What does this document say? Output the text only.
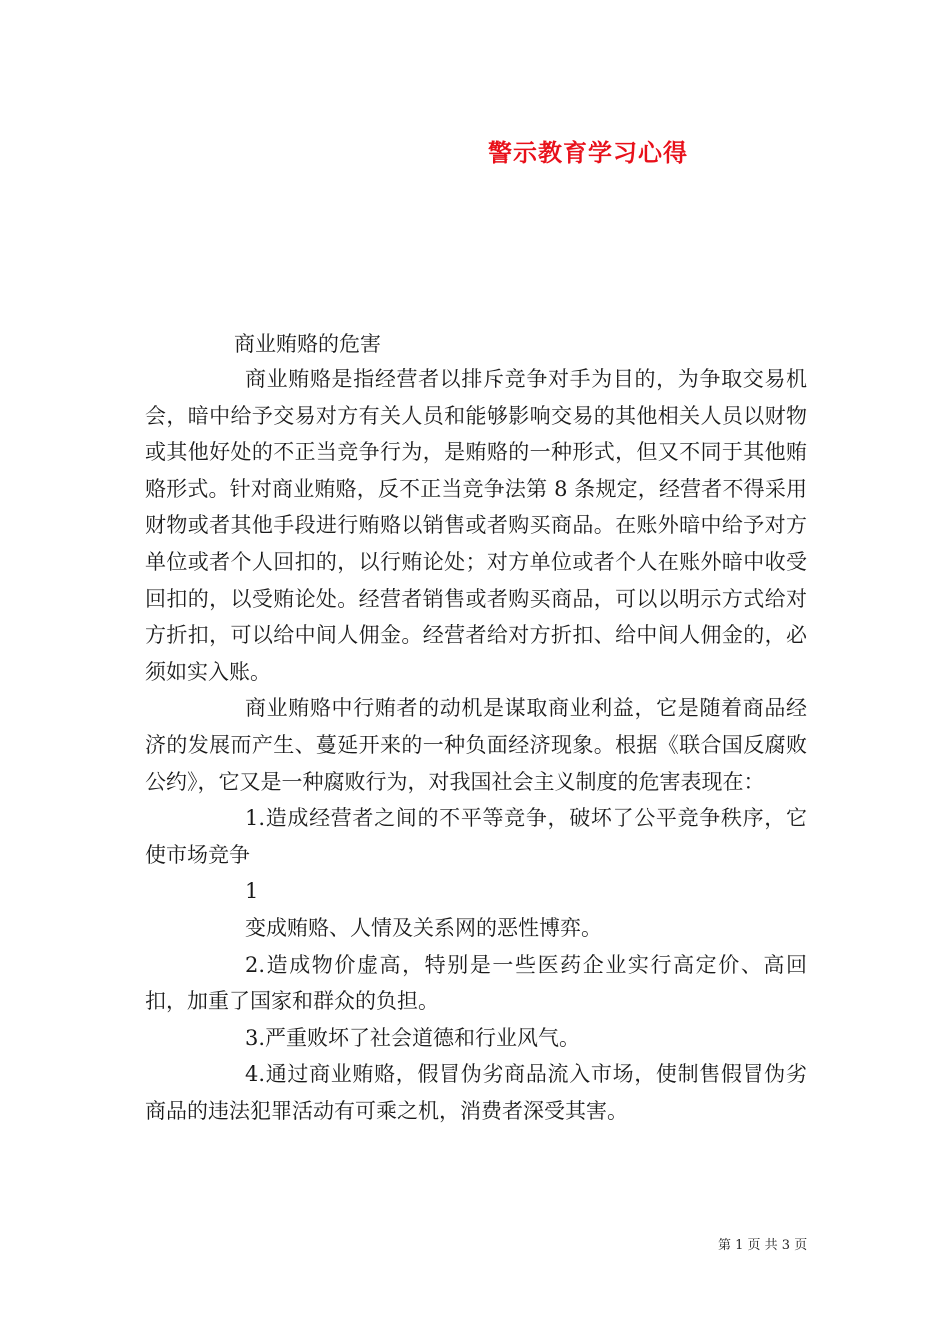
警示教育学习心得
商业贿赂的危害

商业贿赂是指经营者以排斥竞争对手为目的，为争取交易机会，暗中给予交易对方有关人员和能够影响交易的其他相关人员以财物或其他好处的不正当竞争行为，是贿赂的一种形式，但又不同于其他贿赂形式。针对商业贿赂，反不正当竞争法第 8 条规定，经营者不得采用财物或者其他手段进行贿赂以销售或者购买商品。在账外暗中给予对方单位或者个人回扣的，以行贿论处；对方单位或者个人在账外暗中收受回扣的，以受贿论处。经营者销售或者购买商品，可以以明示方式给对方折扣，可以给中间人佣金。经营者给对方折扣、给中间人佣金的，必须如实入账。

商业贿赂中行贿者的动机是谋取商业利益，它是随着商品经济的发展而产生、蔓延开来的一种负面经济现象。根据《联合国反腐败公约》，它又是一种腐败行为，对我国社会主义制度的危害表现在：

1.造成经营者之间的不平等竞争，破坏了公平竞争秩序，它使市场竞争

1

变成贿赂、人情及关系网的恶性博弈。

2.造成物价虚高，特别是一些医药企业实行高定价、高回扣，加重了国家和群众的负担。

3.严重败坏了社会道德和行业风气。

4.通过商业贿赂，假冒伪劣商品流入市场，使制售假冒伪劣商品的违法犯罪活动有可乘之机，消费者深受其害。

第 1 页 共 3 页
